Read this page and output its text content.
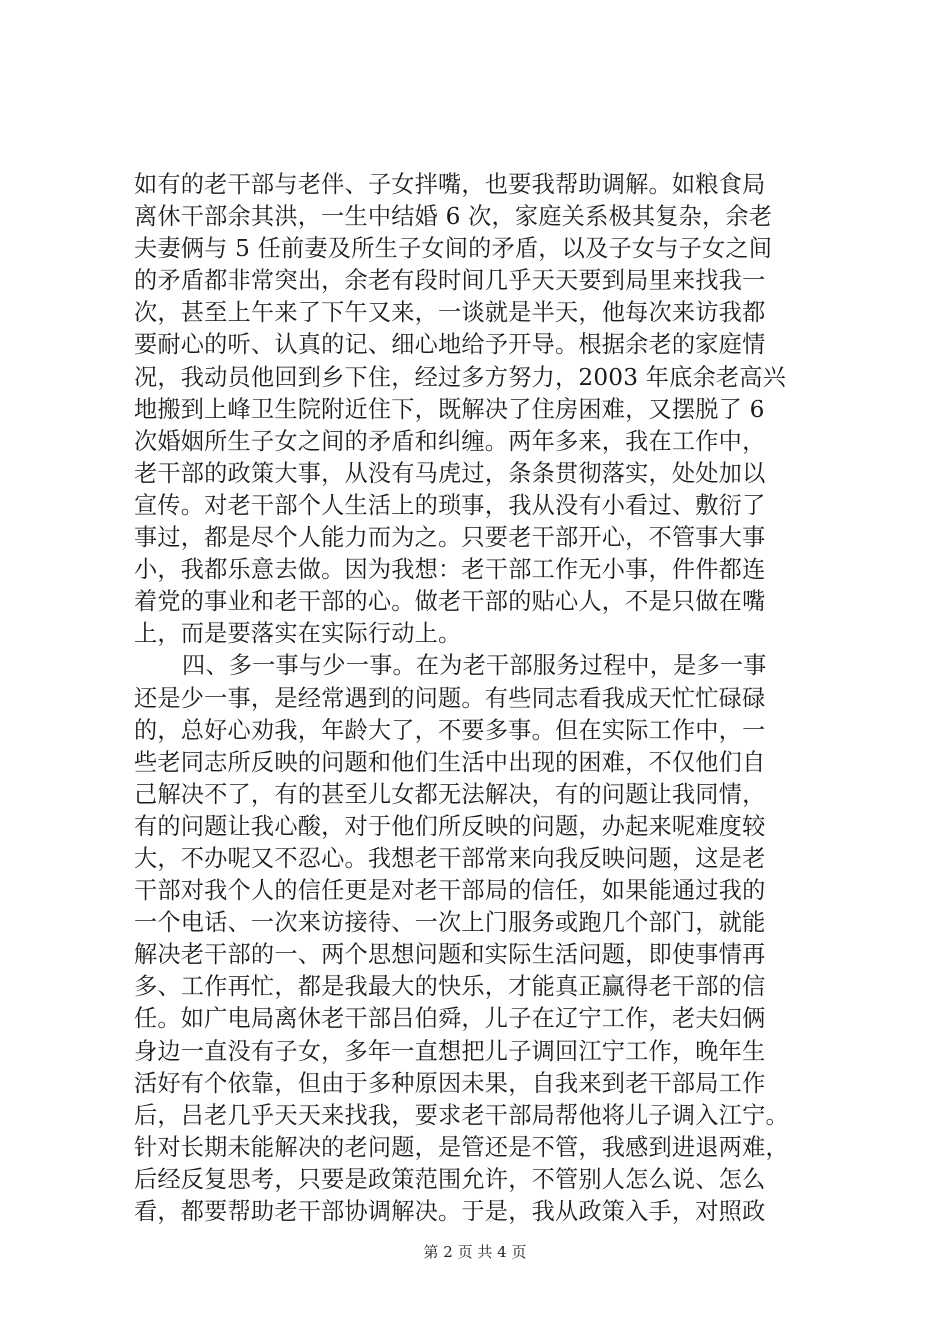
如有的老干部与老伴、子女拌嘴，也要我帮助调解。如粮食局
离休干部余其洪，一生中结婚 6 次，家庭关系极其复杂，余老
夫妻俩与 5 任前妻及所生子女间的矛盾，以及子女与子女之间
的矛盾都非常突出，余老有段时间几乎天天要到局里来找我一
次，甚至上午来了下午又来，一谈就是半天，他每次来访我都
要耐心的听、认真的记、细心地给予开导。根据余老的家庭情
况，我动员他回到乡下住，经过多方努力，2003 年底余老高兴
地搬到上峰卫生院附近住下，既解决了住房困难，又摆脱了 6
次婚姻所生子女之间的矛盾和纠缠。两年多来，我在工作中，
老干部的政策大事，从没有马虎过，条条贯彻落实，处处加以
宣传。对老干部个人生活上的琐事，我从没有小看过、敷衍了
事过，都是尽个人能力而为之。只要老干部开心，不管事大事
小，我都乐意去做。因为我想：老干部工作无小事，件件都连
着党的事业和老干部的心。做老干部的贴心人，不是只做在嘴
上，而是要落实在实际行动上。
四、多一事与少一事。在为老干部服务过程中，是多一事
还是少一事，是经常遇到的问题。有些同志看我成天忙忙碌碌
的，总好心劝我，年龄大了，不要多事。但在实际工作中，一
些老同志所反映的问题和他们生活中出现的困难，不仅他们自
己解决不了，有的甚至儿女都无法解决，有的问题让我同情，
有的问题让我心酸，对于他们所反映的问题，办起来呢难度较
大，不办呢又不忍心。我想老干部常来向我反映问题，这是老
干部对我个人的信任更是对老干部局的信任，如果能通过我的
一个电话、一次来访接待、一次上门服务或跑几个部门，就能
解决老干部的一、两个思想问题和实际生活问题，即使事情再
多、工作再忙，都是我最大的快乐，才能真正赢得老干部的信
任。如广电局离休老干部吕伯舜，儿子在辽宁工作，老夫妇俩
身边一直没有子女，多年一直想把儿子调回江宁工作，晚年生
活好有个依靠，但由于多种原因未果，自我来到老干部局工作
后，吕老几乎天天来找我，要求老干部局帮他将儿子调入江宁。
针对长期未能解决的老问题，是管还是不管，我感到进退两难，
后经反复思考，只要是政策范围允许，不管别人怎么说、怎么
看，都要帮助老干部协调解决。于是，我从政策入手，对照政
第 2 页 共 4 页
